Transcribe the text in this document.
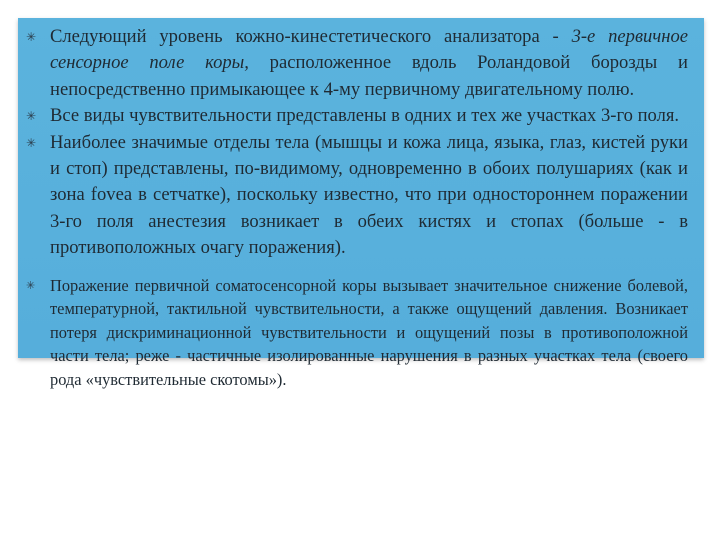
✳ Следующий уровень кожно-кинестетического анализатора - 3-е первичное сенсорное поле коры, расположенное вдоль Роландовой борозды и непосредственно примыкающее к 4-му первичному двигательному полю.
✳ Все виды чувствительности представлены в одних и тех же участках 3-го поля.
✳ Наиболее значимые отделы тела (мышцы и кожа лица, языка, глаз, кистей руки и стоп) представлены, по-видимому, одновременно в обоих полушариях (как и зона fovea в сетчатке), поскольку известно, что при одностороннем поражении 3-го поля анестезия возникает в обеих кистях и стопах (больше - в противоположных очагу поражения).
✳ Поражение первичной соматосенсорной коры вызывает значительное снижение болевой, температурной, тактильной чувствительности, а также ощущений давления. Возникает потеря дискриминационной чувствительности и ощущений позы в противоположной части тела; реже - частичные изолированные нарушения в разных участках тела (своего рода «чувствительные скотомы»).
